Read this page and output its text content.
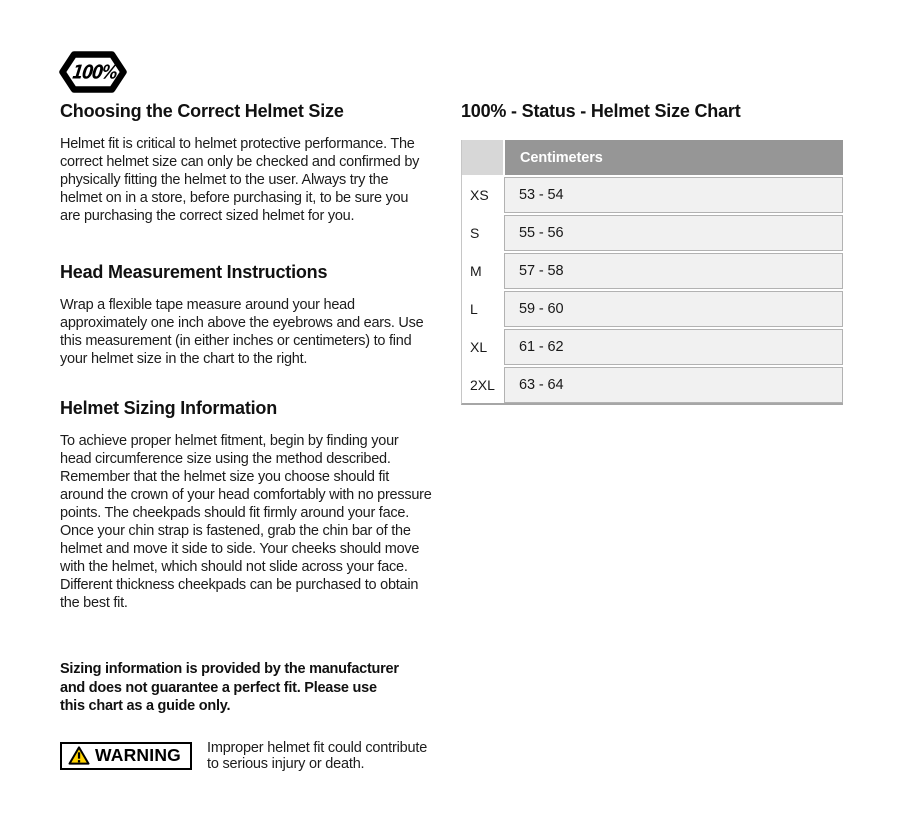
100%
Choosing the Correct Helmet Size

Helmet fit is critical to helmet protective performance. The correct helmet size can only be checked and confirmed by physically fitting the helmet to the user. Always try the helmet on in a store, before purchasing it, to be sure you are purchasing the correct sized helmet for you.

Head Measurement Instructions

Wrap a flexible tape measure around your head approximately one inch above the eyebrows and ears. Use this measurement (in either inches or centimeters) to find your helmet size in the chart to the right.

Helmet Sizing Information

To achieve proper helmet fitment, begin by finding your head circumference size using the method described. Remember that the helmet size you choose should fit around the crown of your head comfortably with no pressure points. The cheekpads should fit firmly around your face. Once your chin strap is fastened, grab the chin bar of the helmet and move it side to side. Your cheeks should move with the helmet, which should not slide across your face. Different thickness cheekpads can be purchased to obtain the best fit.

Sizing information is provided by the manufacturer and does not guarantee a perfect fit. Please use this chart as a guide only.

WARNING Improper helmet fit could contribute to serious injury or death.
100% - Status - Helmet Size Chart
Centimeters
XS	53 - 54
S	55 - 56
M	57 - 58
L	59 - 60
XL	61 - 62
2XL	63 - 64
